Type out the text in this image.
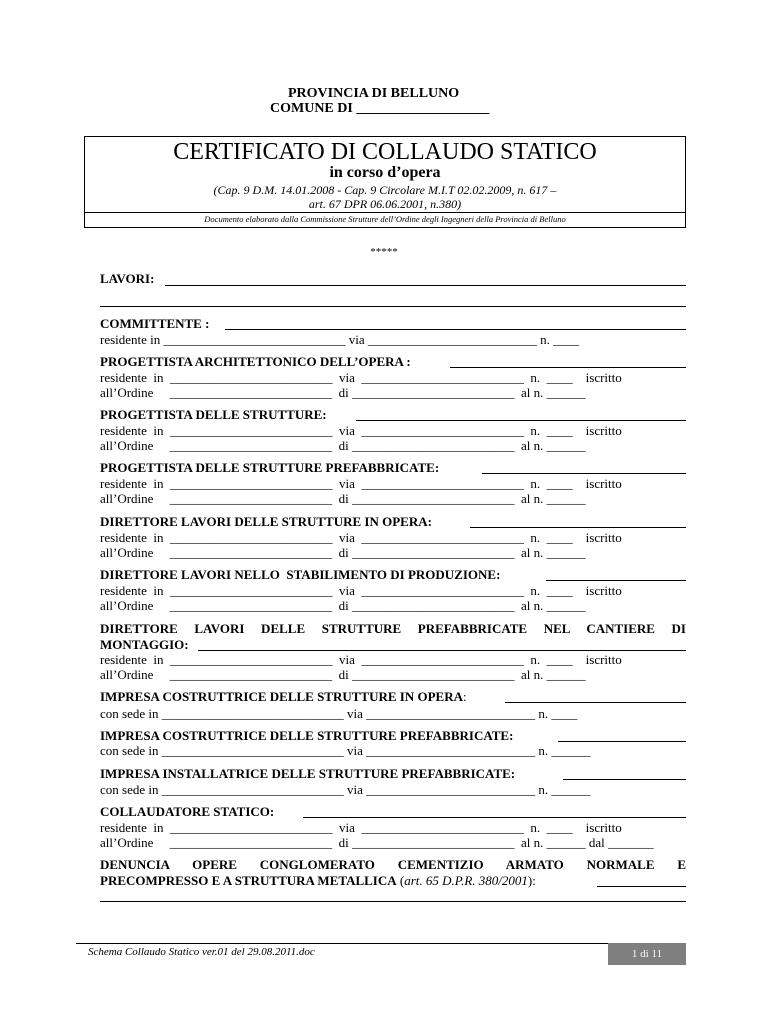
PROVINCIA DI BELLUNO
COMUNE DI ___________________
CERTIFICATO DI COLLAUDO STATICO
in corso d’opera
(Cap. 9 D.M. 14.01.2008 - Cap. 9 Circolare M.I.T 02.02.2009, n. 617 –
art. 67 DPR 06.06.2001, n.380)
Documento elaborato dalla Commissione Strutture dell’Ordine degli Ingegneri della Provincia di Belluno
*****
LAVORI:
COMMITTENTE :
residente in ____________________________ via __________________________ n. ____
PROGETTISTA ARCHITETTONICO DELL’OPERA :
residente  in  _________________________  via  _________________________  n.  ____    iscritto
all’Ordine     _________________________  di _________________________  al n. ______
PROGETTISTA DELLE STRUTTURE:
residente  in  _________________________  via  _________________________  n.  ____    iscritto
all’Ordine     _________________________  di _________________________  al n. ______
PROGETTISTA DELLE STRUTTURE PREFABBRICATE:
residente  in  _________________________  via  _________________________  n.  ____    iscritto
all’Ordine     _________________________  di _________________________  al n. ______
DIRETTORE LAVORI DELLE STRUTTURE IN OPERA:
residente  in  _________________________  via  _________________________  n.  ____    iscritto
all’Ordine     _________________________  di _________________________  al n. ______
DIRETTORE LAVORI NELLO  STABILIMENTO DI PRODUZIONE:
residente  in  _________________________  via  _________________________  n.  ____    iscritto
all’Ordine     _________________________  di _________________________  al n. ______
DIRETTORE LAVORI DELLE STRUTTURE PREFABBRICATE NEL CANTIERE DI
MONTAGGIO:
residente  in  _________________________  via  _________________________  n.  ____    iscritto
all’Ordine     _________________________  di _________________________  al n. ______
IMPRESA COSTRUTTRICE DELLE STRUTTURE IN OPERA:
con sede in ____________________________ via __________________________ n. ____
IMPRESA COSTRUTTRICE DELLE STRUTTURE PREFABBRICATE:
con sede in ____________________________ via __________________________ n. ______
IMPRESA INSTALLATRICE DELLE STRUTTURE PREFABBRICATE:
con sede in ____________________________ via __________________________ n. ______
COLLAUDATORE STATICO:
residente  in  _________________________  via  _________________________  n.  ____    iscritto
all’Ordine     _________________________  di _________________________  al n. ______ dal _______
DENUNCIA OPERE CONGLOMERATO CEMENTIZIO ARMATO NORMALE E
PRECOMPRESSO E A STRUTTURA METALLICA (art. 65 D.P.R. 380/2001):
Schema Collaudo Statico ver.01 del 29.08.2011.doc	1 di 11
